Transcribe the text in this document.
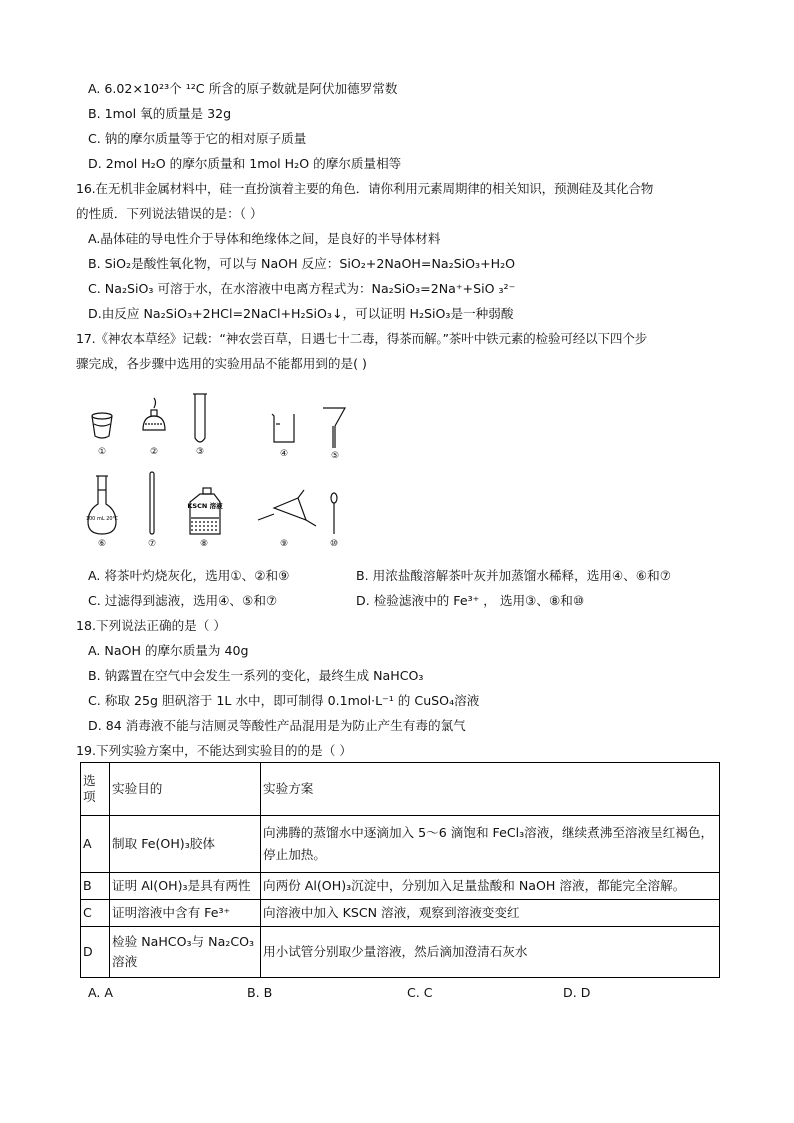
A. 6.02×10²³个 ¹²C 所含的原子数就是阿伏加德罗常数
B. 1mol 氧的质量是 32g
C. 钠的摩尔质量等于它的相对原子质量
D. 2mol H₂O 的摩尔质量和 1mol H₂O 的摩尔质量相等
16.在无机非金属材料中，硅一直扮演着主要的角色．请你利用元素周期律的相关知识，预测硅及其化合物
的性质．下列说法错误的是：（ ）
A.晶体硅的导电性介于导体和绝缘体之间，是良好的半导体材料
B. SiO₂是酸性氧化物，可以与 NaOH 反应：SiO₂+2NaOH=Na₂SiO₃+H₂O
C. Na₂SiO₃ 可溶于水，在水溶液中电离方程式为：Na₂SiO₃=2Na⁺+SiO ₃²⁻
D.由反应 Na₂SiO₃+2HCl=2NaCl+H₂SiO₃↓，可以证明 H₂SiO₃是一种弱酸
17.《神农本草经》记载：“神农尝百草，日遇七十二毒，得茶而解。”茶叶中铁元素的检验可经以下四个步
骤完成，各步骤中选用的实验用品不能都用到的是( )
①	②	③	④	⑤
⑥	⑦	⑧	⑨	⑩
100 mL 20℃
KSCN 溶液
A. 将茶叶灼烧灰化，选用①、②和⑨	B. 用浓盐酸溶解茶叶灰并加蒸馏水稀释，选用④、⑥和⑦
C. 过滤得到滤液，选用④、⑤和⑦	D. 检验滤液中的 Fe³⁺ ， 选用③、⑧和⑩
18.下列说法正确的是（ ）
A. NaOH 的摩尔质量为 40g
B. 钠露置在空气中会发生一系列的变化，最终生成 NaHCO₃
C. 称取 25g 胆矾溶于 1L 水中，即可制得 0.1mol·L⁻¹ 的 CuSO₄溶液
D. 84 消毒液不能与洁厕灵等酸性产品混用是为防止产生有毒的氯气
19.下列实验方案中，不能达到实验目的的是（ ）
选项	实验目的	实验方案
A	制取 Fe(OH)₃胶体	向沸腾的蒸馏水中逐滴加入 5～6 滴饱和 FeCl₃溶液，继续煮沸至溶液呈红褐色，停止加热。
B	证明 Al(OH)₃是具有两性	向两份 Al(OH)₃沉淀中，分别加入足量盐酸和 NaOH 溶液，都能完全溶解。
C	证明溶液中含有 Fe³⁺	向溶液中加入 KSCN 溶液，观察到溶液变变红
D	检验 NaHCO₃与 Na₂CO₃溶液	用小试管分别取少量溶液，然后滴加澄清石灰水
A. A	B. B	C. C	D. D
